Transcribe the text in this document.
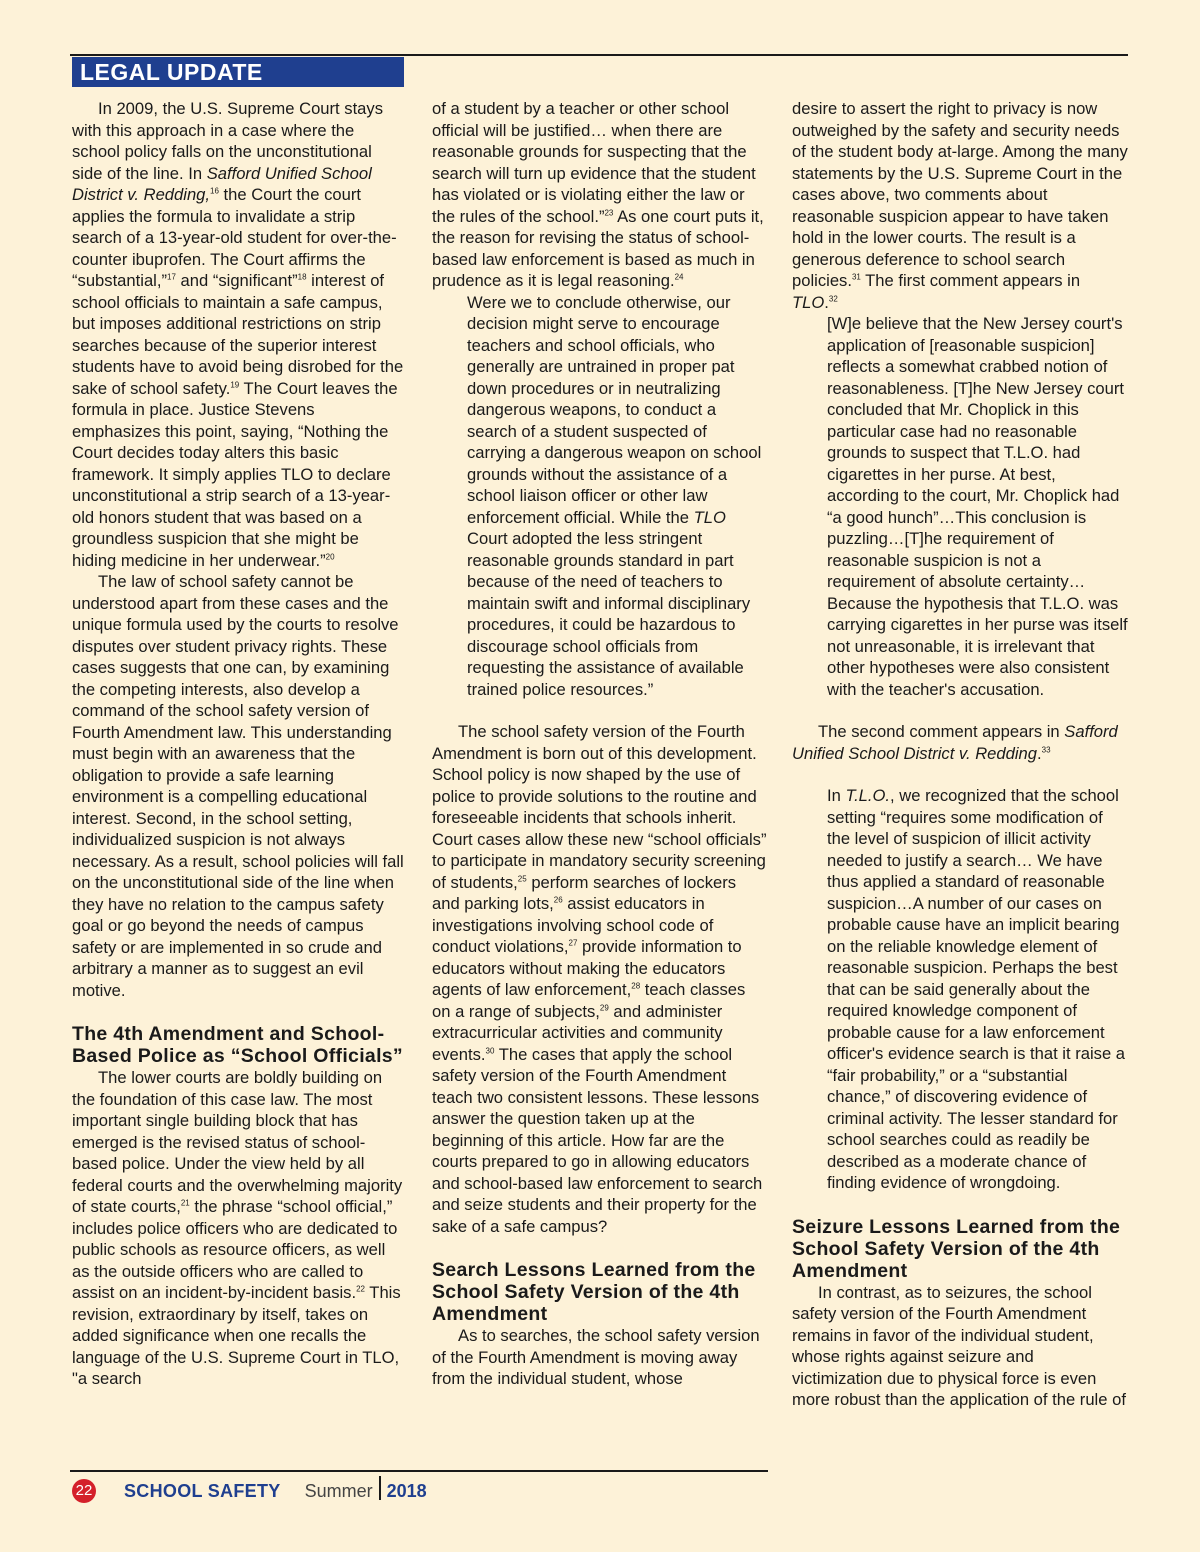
LEGAL UPDATE

In 2009, the U.S. Supreme Court stays with this approach in a case where the school policy falls on the unconstitutional side of the line. In Safford Unified School District v. Redding,$^{16}$ the Court the court applies the formula to invalidate a strip search of a 13-year-old student for over-the-counter ibuprofen. The Court affirms the “substantial,”$^{17}$ and “significant”$^{18}$ interest of school officials to maintain a safe campus, but imposes additional restrictions on strip searches because of the superior interest students have to avoid being disrobed for the sake of school safety.$^{19}$ The Court leaves the formula in place. Justice Stevens emphasizes this point, saying, “Nothing the Court decides today alters this basic framework. It simply applies TLO to declare unconstitutional a strip search of a 13-year-old honors student that was based on a groundless suspicion that she might be hiding medicine in her underwear.”$^{20}$

The law of school safety cannot be understood apart from these cases and the unique formula used by the courts to resolve disputes over student privacy rights. These cases suggests that one can, by examining the competing interests, also develop a command of the school safety version of Fourth Amendment law. This understanding must begin with an awareness that the obligation to provide a safe learning environment is a compelling educational interest. Second, in the school setting, individualized suspicion is not always necessary. As a result, school policies will fall on the unconstitutional side of the line when they have no relation to the campus safety goal or go beyond the needs of campus safety or are implemented in so crude and arbitrary a manner as to suggest an evil motive.

The 4th Amendment and School-Based Police as “School Officials”

The lower courts are boldly building on the foundation of this case law. The most important single building block that has emerged is the revised status of school-based police. Under the view held by all federal courts and the overwhelming majority of state courts,$^{21}$ the phrase “school official,” includes police officers who are dedicated to public schools as resource officers, as well as the outside officers who are called to assist on an incident-by-incident basis.$^{22}$ This revision, extraordinary by itself, takes on added significance when one recalls the language of the U.S. Supreme Court in TLO, "a search

of a student by a teacher or other school official will be justified… when there are reasonable grounds for suspecting that the search will turn up evidence that the student has violated or is violating either the law or the rules of the school.”$^{23}$ As one court puts it, the reason for revising the status of school-based law enforcement is based as much in prudence as it is legal reasoning.$^{24}$

Were we to conclude otherwise, our decision might serve to encourage teachers and school officials, who generally are untrained in proper pat down procedures or in neutralizing dangerous weapons, to conduct a search of a student suspected of carrying a dangerous weapon on school grounds without the assistance of a school liaison officer or other law enforcement official. While the TLO Court adopted the less stringent reasonable grounds standard in part because of the need of teachers to maintain swift and informal disciplinary procedures, it could be hazardous to discourage school officials from requesting the assistance of available trained police resources.”

The school safety version of the Fourth Amendment is born out of this development. School policy is now shaped by the use of police to provide solutions to the routine and foreseeable incidents that schools inherit. Court cases allow these new “school officials” to participate in mandatory security screening of students,$^{25}$ perform searches of lockers and parking lots,$^{26}$ assist educators in investigations involving school code of conduct violations,$^{27}$ provide information to educators without making the educators agents of law enforcement,$^{28}$ teach classes on a range of subjects,$^{29}$ and administer extracurricular activities and community events.$^{30}$ The cases that apply the school safety version of the Fourth Amendment teach two consistent lessons. These lessons answer the question taken up at the beginning of this article. How far are the courts prepared to go in allowing educators and school-based law enforcement to search and seize students and their property for the sake of a safe campus?

Search Lessons Learned from the School Safety Version of the 4th Amendment

As to searches, the school safety version of the Fourth Amendment is moving away from the individual student, whose

desire to assert the right to privacy is now outweighed by the safety and security needs of the student body at-large. Among the many statements by the U.S. Supreme Court in the cases above, two comments about reasonable suspicion appear to have taken hold in the lower courts. The result is a generous deference to school search policies.$^{31}$ The first comment appears in TLO.$^{32}$

[W]e believe that the New Jersey court's application of [reasonable suspicion] reflects a somewhat crabbed notion of reasonableness. [T]he New Jersey court concluded that Mr. Choplick in this particular case had no reasonable grounds to suspect that T.L.O. had cigarettes in her purse. At best, according to the court, Mr. Choplick had “a good hunch”…This conclusion is puzzling…[T]he requirement of reasonable suspicion is not a requirement of absolute certainty…Because the hypothesis that T.L.O. was carrying cigarettes in her purse was itself not unreasonable, it is irrelevant that other hypotheses were also consistent with the teacher's accusation.

The second comment appears in Safford Unified School District v. Redding.$^{33}$

In T.L.O., we recognized that the school setting “requires some modification of the level of suspicion of illicit activity needed to justify a search… We have thus applied a standard of reasonable suspicion…A number of our cases on probable cause have an implicit bearing on the reliable knowledge element of reasonable suspicion. Perhaps the best that can be said generally about the required knowledge component of probable cause for a law enforcement officer's evidence search is that it raise a “fair probability,” or a “substantial chance,” of discovering evidence of criminal activity. The lesser standard for school searches could as readily be described as a moderate chance of finding evidence of wrongdoing.
Seizure Lessons Learned from the School Safety Version of the 4th Amendment

In contrast, as to seizures, the school safety version of the Fourth Amendment remains in favor of the individual student, whose rights against seizure and victimization due to physical force is even more robust than the application of the rule of

22 SCHOOL SAFETY Summer 2018
